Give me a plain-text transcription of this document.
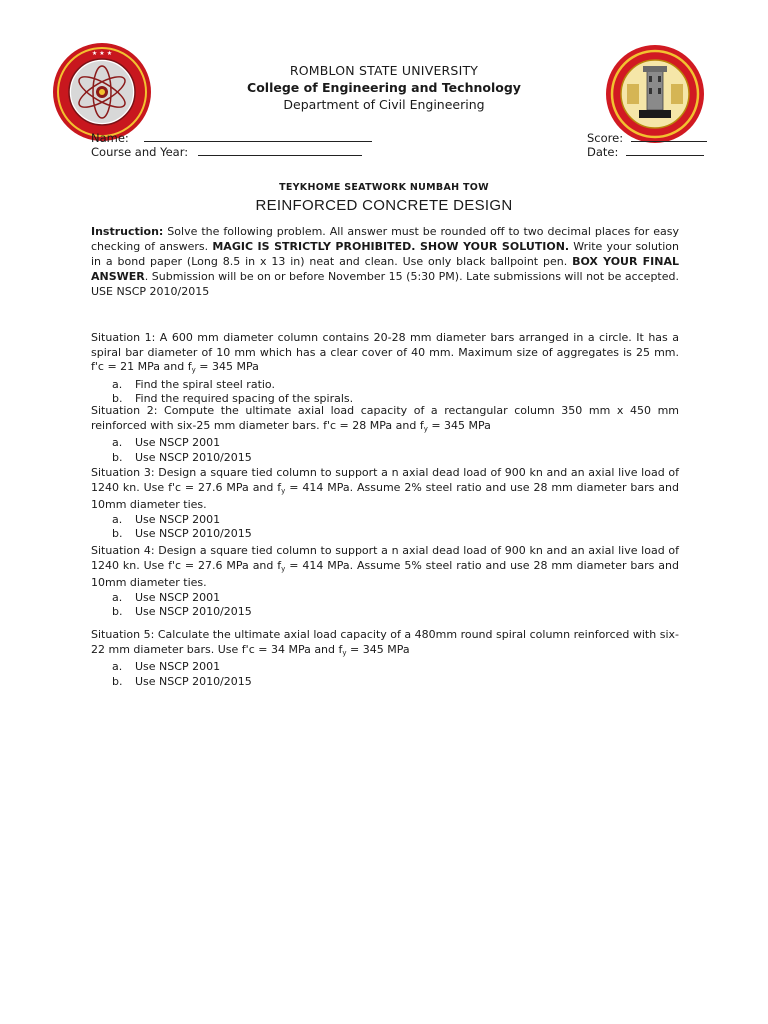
★ ★ ★
ROMBLON STATE UNIVERSITY
College of Engineering and Technology
Department of Civil Engineering
Name:
Course and Year:
Score:
Date:
TEYKHOME SEATWORK NUMBAH TOW
REINFORCED CONCRETE DESIGN
Instruction: Solve the following problem. All answer must be rounded off to two decimal places for easy checking of answers. MAGIC IS STRICTLY PROHIBITED. SHOW YOUR SOLUTION. Write your solution in a bond paper (Long 8.5 in x 13 in) neat and clean. Use only black ballpoint pen. BOX YOUR FINAL ANSWER. Submission will be on or before November 15 (5:30 PM). Late submissions will not be accepted. USE NSCP 2010/2015

Situation 1: A 600 mm diameter column contains 20-28 mm diameter bars arranged in a circle. It has a spiral bar diameter of 10 mm which has a clear cover of 40 mm. Maximum size of aggregates is 25 mm. f'c = 21 MPa and $f_y = 345$ MPa

a.	Find the spiral steel ratio.
b.	Find the required spacing of the spirals.

Situation 2: Compute the ultimate axial load capacity of a rectangular column 350 mm x 450 mm reinforced with six-25 mm diameter bars. f'c = 28 MPa and $f_y = 345$ MPa

a.	Use NSCP 2001
b.	Use NSCP 2010/2015

Situation 3: Design a square tied column to support a n axial dead load of 900 kn and an axial live load of 1240 kn. Use f'c = 27.6 MPa and $f_y = 414$ MPa. Assume 2% steel ratio and use 28 mm diameter bars and 10mm diameter ties.

a.	Use NSCP 2001
b.	Use NSCP 2010/2015

Situation 4: Design a square tied column to support a n axial dead load of 900 kn and an axial live load of 1240 kn. Use f'c = 27.6 MPa and $f_y = 414$ MPa. Assume 5% steel ratio and use 28 mm diameter bars and 10mm diameter ties.

a.	Use NSCP 2001
b.	Use NSCP 2010/2015

Situation 5: Calculate the ultimate axial load capacity of a 480mm round spiral column reinforced with six-22 mm diameter bars. Use f'c = 34 MPa and $f_y = 345$ MPa

a.	Use NSCP 2001
b.	Use NSCP 2010/2015
